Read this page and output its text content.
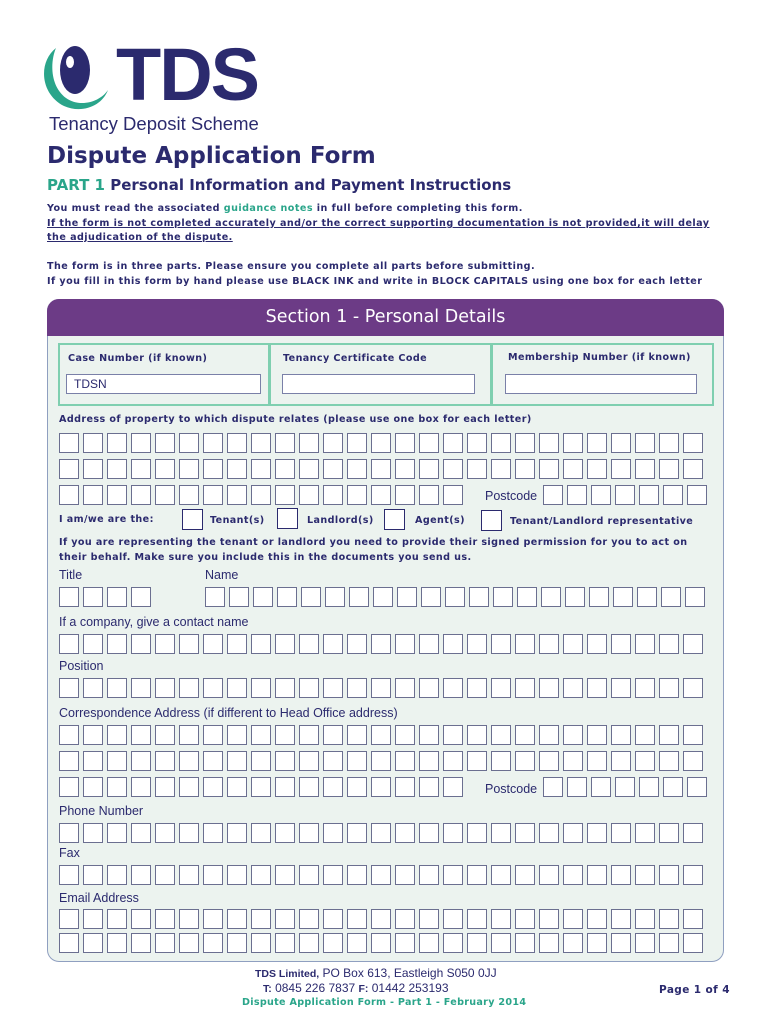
TDS
Tenancy Deposit Scheme
Dispute Application Form
PART 1 Personal Information and Payment Instructions
You must read the associated guidance notes in full before completing this form.
If the form is not completed accurately and/or the correct supporting documentation is not provided,it will delay
the adjudication of the dispute.
The form is in three parts. Please ensure you complete all parts before submitting.
If you fill in this form by hand please use BLACK INK and write in BLOCK CAPITALS using one box for each letter
Section 1 - Personal Details
Case Number (if known)
TDSN
Tenancy Certificate Code	Membership Number (if known)
Address of property to which dispute relates (please use one box for each letter)
Postcode
I am/we are the:	Tenant(s)	Landlord(s)	Agent(s)	Tenant/Landlord representative
If you are representing the tenant or landlord you need to provide their signed permission for you to act on
their behalf. Make sure you include this in the documents you send us.
Title	Name
If a company, give a contact name
Position
Correspondence Address (if different to Head Office address)
Postcode
Phone Number
Fax
Email Address
TDS Limited, PO Box 613, Eastleigh S050 0JJ
T: 0845 226 7837 F: 01442 253193
Dispute Application Form - Part 1 - February 2014
Page 1 of 4
